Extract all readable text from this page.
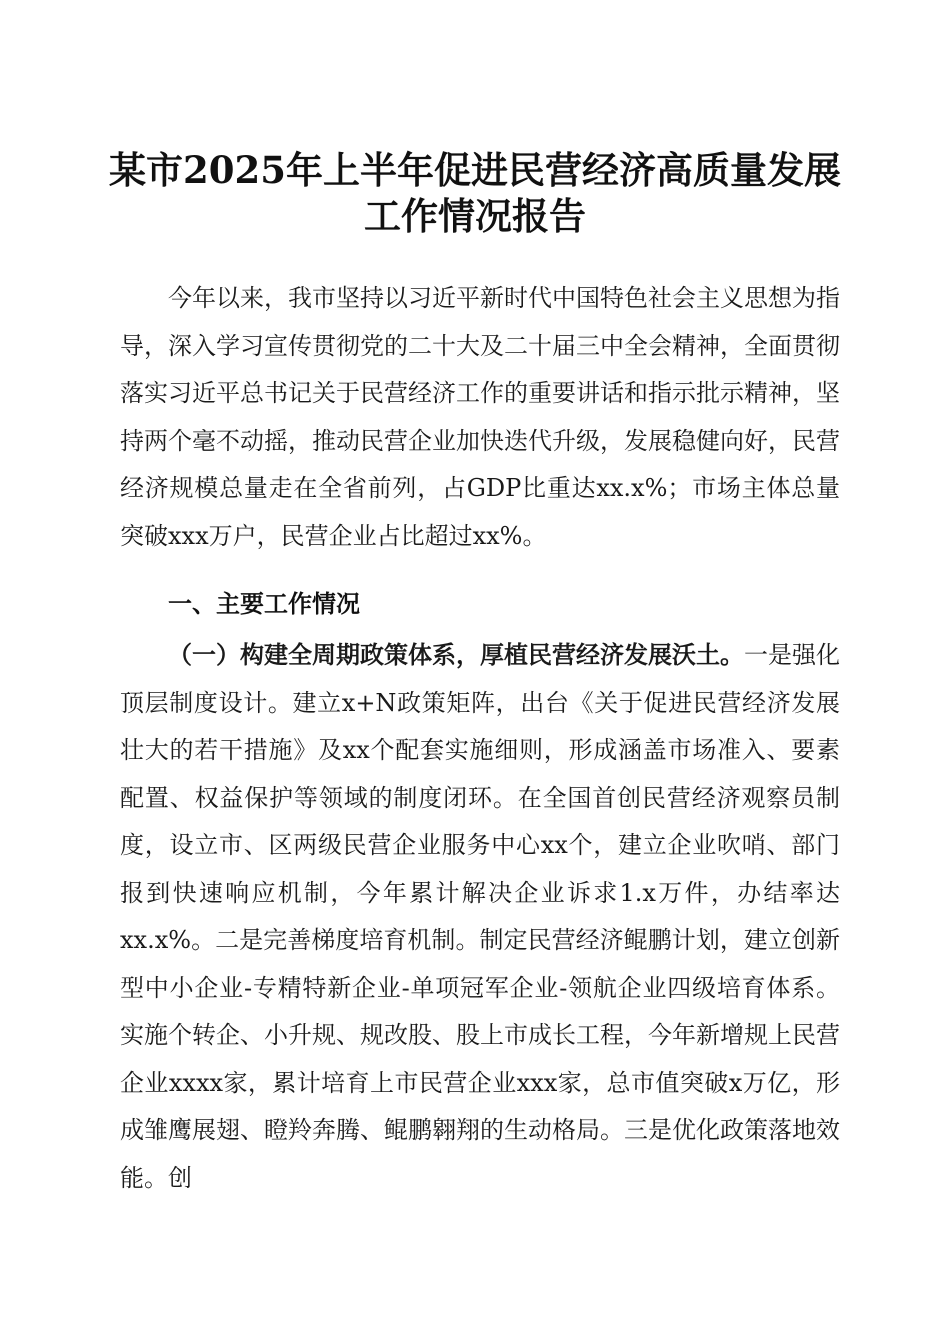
某市2025年上半年促进民营经济高质量发展
工作情况报告

今年以来，我市坚持以习近平新时代中国特色社会主义思想为指导，深入学习宣传贯彻党的二十大及二十届三中全会精神，全面贯彻落实习近平总书记关于民营经济工作的重要讲话和指示批示精神，坚持两个毫不动摇，推动民营企业加快迭代升级，发展稳健向好，民营经济规模总量走在全省前列，占GDP比重达xx.x%；市场主体总量突破xxx万户，民营企业占比超过xx%。

一、主要工作情况

（一）构建全周期政策体系，厚植民营经济发展沃土。一是强化顶层制度设计。建立x+N政策矩阵，出台《关于促进民营经济发展壮大的若干措施》及xx个配套实施细则，形成涵盖市场准入、要素配置、权益保护等领域的制度闭环。在全国首创民营经济观察员制度，设立市、区两级民营企业服务中心xx个，建立企业吹哨、部门报到快速响应机制，今年累计解决企业诉求1.x万件，办结率达xx.x%。二是完善梯度培育机制。制定民营经济鲲鹏计划，建立创新型中小企业-专精特新企业-单项冠军企业-领航企业四级培育体系。实施个转企、小升规、规改股、股上市成长工程，今年新增规上民营企业xxxx家，累计培育上市民营企业xxx家，总市值突破x万亿，形成雏鹰展翅、瞪羚奔腾、鲲鹏翱翔的生动格局。三是优化政策落地效能。创
